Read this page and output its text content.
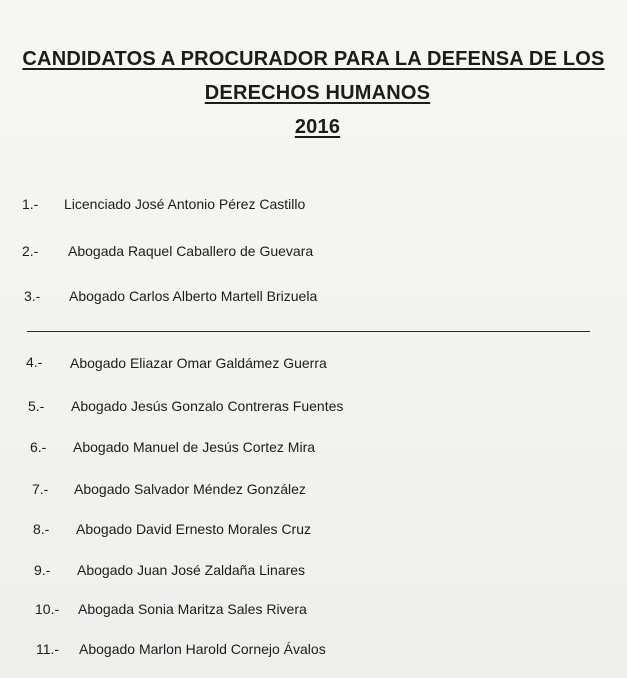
CANDIDATOS A PROCURADOR PARA LA DEFENSA DE LOS
DERECHOS HUMANOS
2016
1.- Licenciado José Antonio Pérez Castillo
2.- Abogada Raquel Caballero de Guevara
3.- Abogado Carlos Alberto Martell Brizuela
4.- Abogado Eliazar Omar Galdámez Guerra
5.- Abogado Jesús Gonzalo Contreras Fuentes
6.- Abogado Manuel de Jesús Cortez Mira
7.- Abogado Salvador Méndez González
8.- Abogado David Ernesto Morales Cruz
9.- Abogado Juan José Zaldaña Linares
10.- Abogada Sonia Maritza Sales Rivera
11.- Abogado Marlon Harold Cornejo Ávalos
